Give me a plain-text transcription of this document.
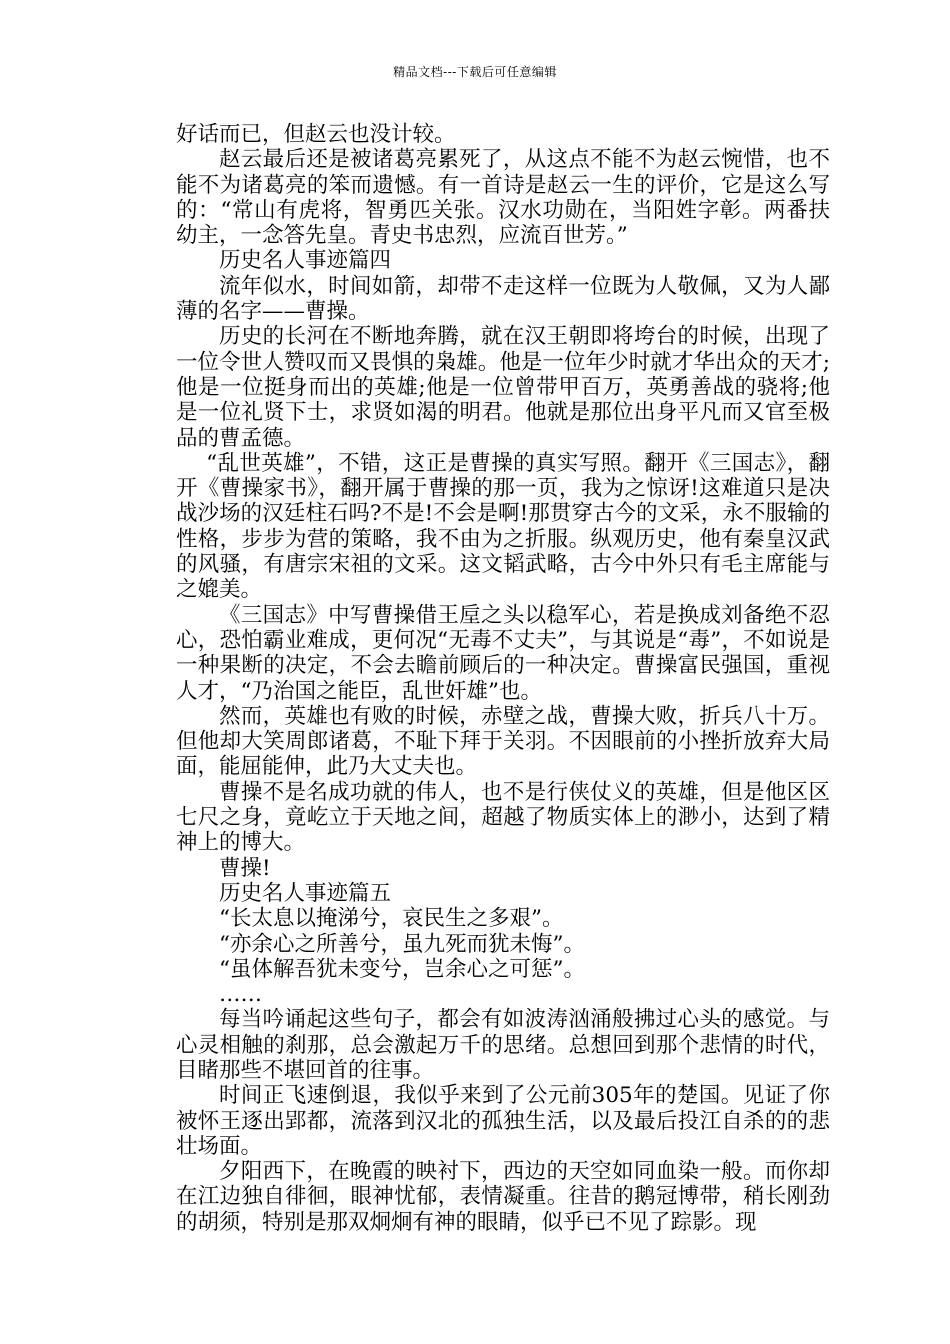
精品文档---下载后可任意编辑

好话而已，但赵云也没计较。

赵云最后还是被诸葛亮累死了，从这点不能不为赵云惋惜，也不能不为诸葛亮的笨而遗憾。有一首诗是赵云一生的评价，它是这么写的：“常山有虎将，智勇匹关张。汉水功勋在，当阳姓字彰。两番扶幼主，一念答先皇。青史书忠烈，应流百世芳。”

历史名人事迹篇四

流年似水，时间如箭，却带不走这样一位既为人敬佩，又为人鄙薄的名字——曹操。

历史的长河在不断地奔腾，就在汉王朝即将垮台的时候，出现了一位令世人赞叹而又畏惧的枭雄。他是一位年少时就才华出众的天才;他是一位挺身而出的英雄;他是一位曾带甲百万，英勇善战的骁将;他是一位礼贤下士，求贤如渴的明君。他就是那位出身平凡而又官至极品的曹孟德。

“乱世英雄”，不错，这正是曹操的真实写照。翻开《三国志》，翻开《曹操家书》，翻开属于曹操的那一页，我为之惊讶!这难道只是决战沙场的汉廷柱石吗?不是!不会是啊!那贯穿古今的文采，永不服输的性格，步步为营的策略，我不由为之折服。纵观历史，他有秦皇汉武的风骚，有唐宗宋祖的文采。这文韬武略，古今中外只有毛主席能与之媲美。

《三国志》中写曹操借王垕之头以稳军心，若是换成刘备绝不忍心，恐怕霸业难成，更何况“无毒不丈夫”，与其说是“毒”，不如说是一种果断的决定，不会去瞻前顾后的一种决定。曹操富民强国，重视人才，“乃治国之能臣，乱世奸雄”也。

然而，英雄也有败的时候，赤壁之战，曹操大败，折兵八十万。但他却大笑周郎诸葛，不耻下拜于关羽。不因眼前的小挫折放弃大局面，能屈能伸，此乃大丈夫也。

曹操不是名成功就的伟人，也不是行侠仗义的英雄，但是他区区七尺之身，竟屹立于天地之间，超越了物质实体上的渺小，达到了精神上的博大。

曹操!

历史名人事迹篇五

“长太息以掩涕兮，哀民生之多艰”。

“亦余心之所善兮，虽九死而犹未悔”。

“虽体解吾犹未变兮，岂余心之可惩”。

……

每当吟诵起这些句子，都会有如波涛汹涌般拂过心头的感觉。与心灵相触的刹那，总会激起万千的思绪。总想回到那个悲情的时代，目睹那些不堪回首的往事。

时间正飞速倒退，我似乎来到了公元前305年的楚国。见证了你被怀王逐出郢都，流落到汉北的孤独生活，以及最后投江自杀的的悲壮场面。

夕阳西下，在晚霞的映衬下，西边的天空如同血染一般。而你却在江边独自徘徊，眼神忧郁，表情凝重。往昔的鹅冠博带，稍长刚劲的胡须，特别是那双炯炯有神的眼睛，似乎已不见了踪影。现
